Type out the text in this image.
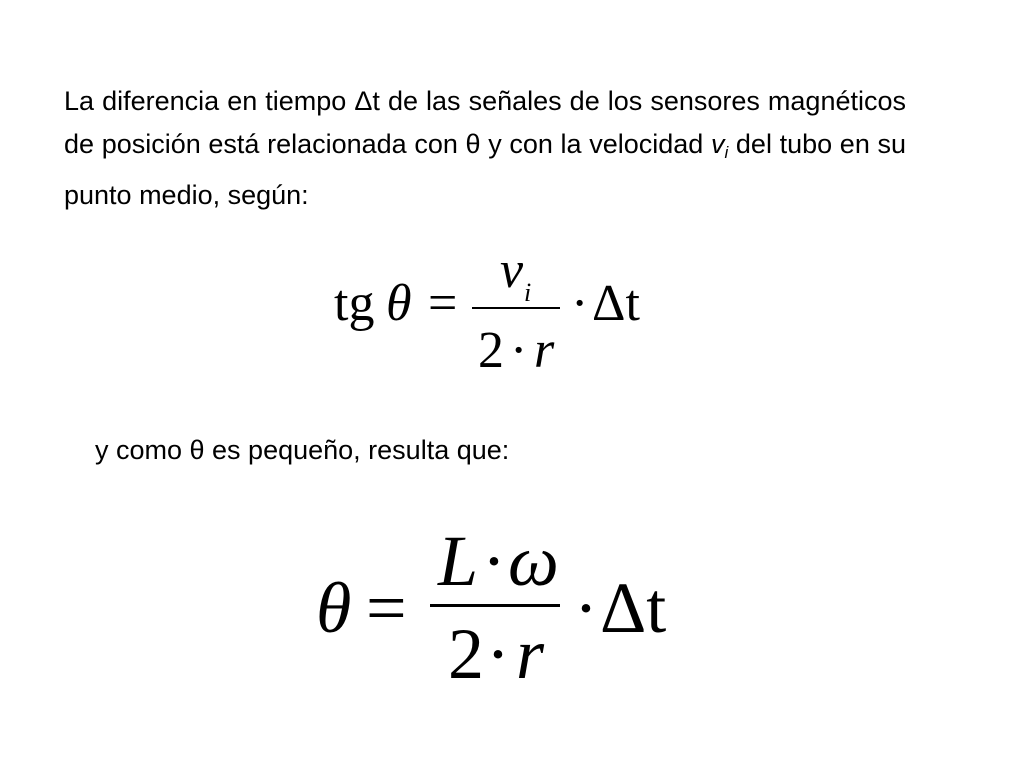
La diferencia en tiempo Δt de las señales de los sensores magnéticos de posición está relacionada con θ y con la velocidad $v_i$ del tubo en su punto medio, según:
tg θ =
v i
2 · r
· Δt
y como θ es pequeño, resulta que:
θ =
L · ω
2 · r
· Δt
